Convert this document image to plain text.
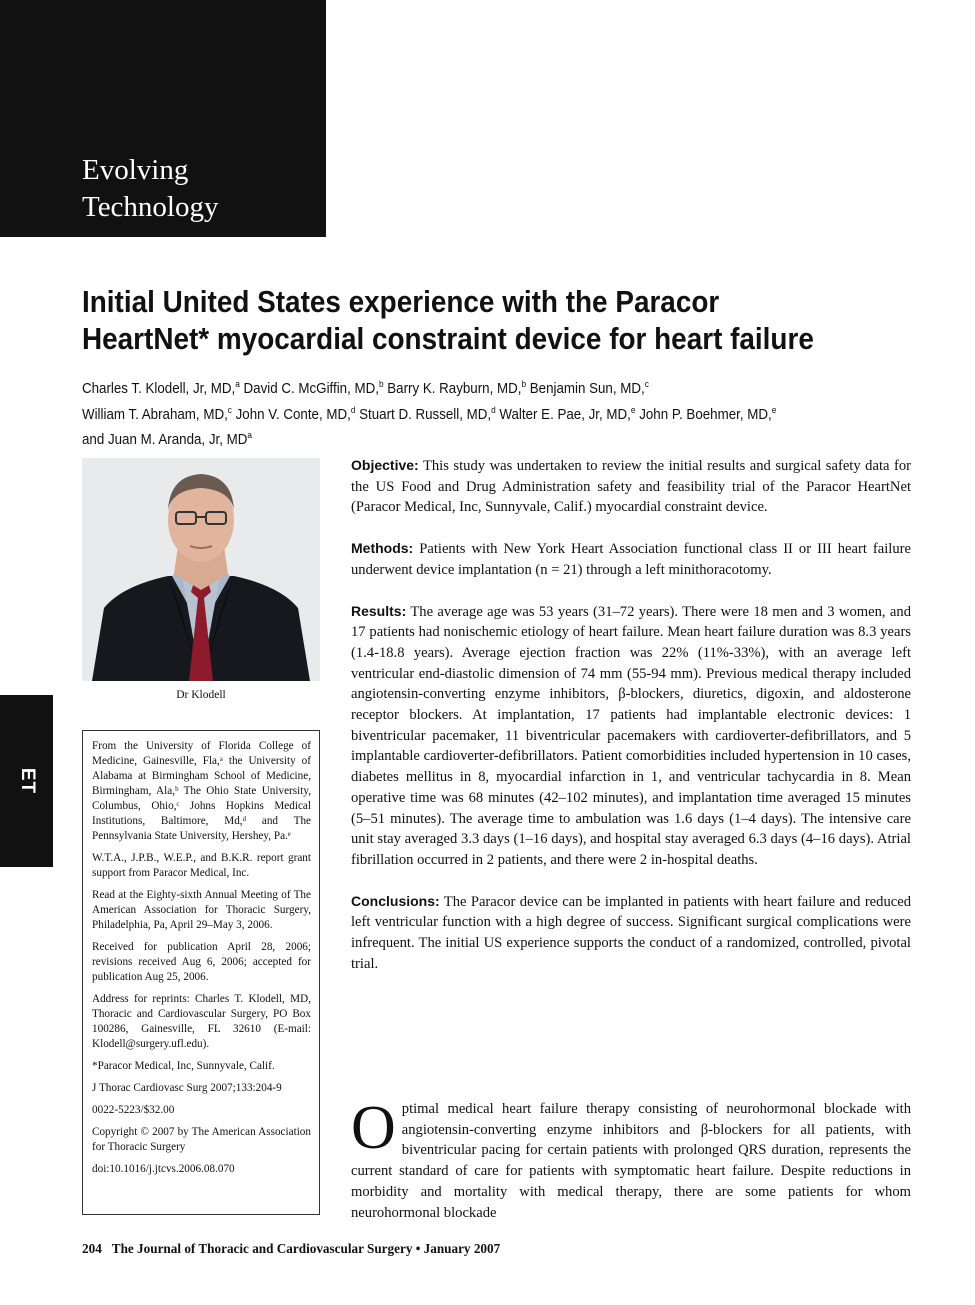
Evolving
Technology
ET
Initial United States experience with the Paracor
HeartNet* myocardial constraint device for heart failure
Charles T. Klodell, Jr, MD,$^a$ David C. McGiffin, MD,$^b$ Barry K. Rayburn, MD,$^b$ Benjamin Sun, MD,$^c$
William T. Abraham, MD,$^c$ John V. Conte, MD,$^d$ Stuart D. Russell, MD,$^d$ Walter E. Pae, Jr, MD,$^e$ John P. Boehmer, MD,$^e$
and Juan M. Aranda, Jr, $MD^a$
Dr Klodell

From the University of Florida College of Medicine, Gainesville, Fla,ᵃ the University of Alabama at Birmingham School of Medicine, Birmingham, Ala,ᵇ The Ohio State University, Columbus, Ohio,ᶜ Johns Hopkins Medical Institutions, Baltimore, Md,ᵈ and The Pennsylvania State University, Hershey, Pa.ᵉ

W.T.A., J.P.B., W.E.P., and B.K.R. report grant support from Paracor Medical, Inc.

Read at the Eighty-sixth Annual Meeting of The American Association for Thoracic Surgery, Philadelphia, Pa, April 29–May 3, 2006.

Received for publication April 28, 2006; revisions received Aug 6, 2006; accepted for publication Aug 25, 2006.

Address for reprints: Charles T. Klodell, MD, Thoracic and Cardiovascular Surgery, PO Box 100286, Gainesville, FL 32610 (E-mail: Klodell@surgery.ufl.edu).

*Paracor Medical, Inc, Sunnyvale, Calif.

J Thorac Cardiovasc Surg 2007;133:204-9

0022-5223/$32.00

Copyright © 2007 by The American Association for Thoracic Surgery

doi:10.1016/j.jtcvs.2006.08.070

Objective: This study was undertaken to review the initial results and surgical safety data for the US Food and Drug Administration safety and feasibility trial of the Paracor HeartNet (Paracor Medical, Inc, Sunnyvale, Calif.) myocardial constraint device.

Methods: Patients with New York Heart Association functional class II or III heart failure underwent device implantation (n = 21) through a left minithoracotomy.

Results: The average age was 53 years (31–72 years). There were 18 men and 3 women, and 17 patients had nonischemic etiology of heart failure. Mean heart failure duration was 8.3 years (1.4-18.8 years). Average ejection fraction was 22% (11%-33%), with an average left ventricular end-diastolic dimension of 74 mm (55-94 mm). Previous medical therapy included angiotensin-converting enzyme inhibitors, β-blockers, diuretics, digoxin, and aldosterone receptor blockers. At implantation, 17 patients had implantable electronic devices: 1 biventricular pacemaker, 11 biventricular pacemakers with cardioverter-defibrillators, and 5 implantable cardioverter-defibrillators. Patient comorbidities included hypertension in 10 cases, diabetes mellitus in 8, myocardial infarction in 1, and ventricular tachycardia in 8. Mean operative time was 68 minutes (42–102 minutes), and implantation time averaged 15 minutes (5–51 minutes). The average time to ambulation was 1.6 days (1–4 days). The intensive care unit stay averaged 3.3 days (1–16 days), and hospital stay averaged 6.3 days (4–16 days). Atrial fibrillation occurred in 2 patients, and there were 2 in-hospital deaths.

Conclusions: The Paracor device can be implanted in patients with heart failure and reduced left ventricular function with a high degree of success. Significant surgical complications were infrequent. The initial US experience supports the conduct of a randomized, controlled, pivotal trial.

Optimal medical heart failure therapy consisting of neurohormonal blockade with angiotensin-converting enzyme inhibitors and β-blockers for all patients, with biventricular pacing for certain patients with prolonged QRS duration, represents the current standard of care for patients with symptomatic heart failure. Despite reductions in morbidity and mortality with medical therapy, there are some patients for whom neurohormonal blockade
204 The Journal of Thoracic and Cardiovascular Surgery • January 2007
